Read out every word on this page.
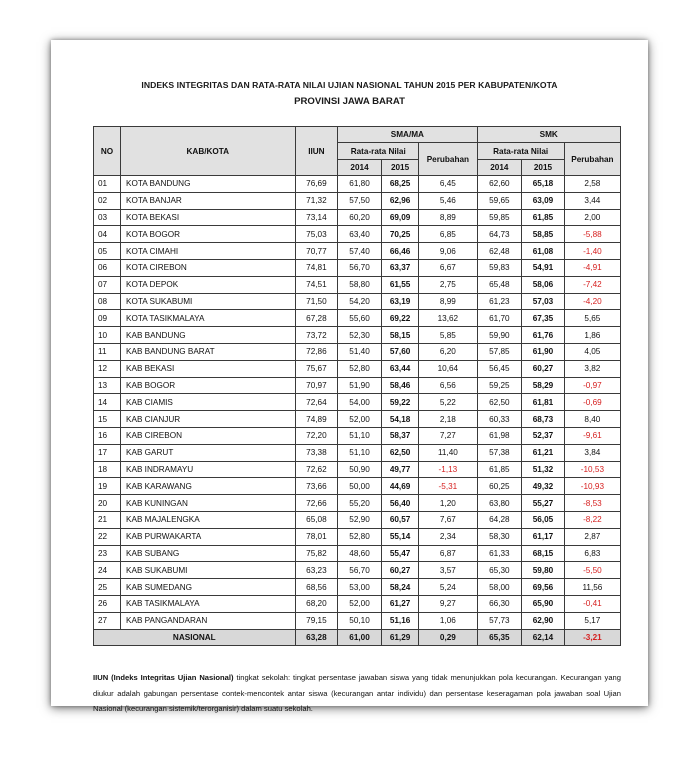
INDEKS INTEGRITAS DAN RATA-RATA NILAI UJIAN NASIONAL TAHUN 2015 PER KABUPATEN/KOTA
PROVINSI JAWA BARAT
NO	KAB/KOTA	IIUN	SMA/MA			SMK		
			Rata-rata Nilai		Perubahan	Rata-rata Nilai		Perubahan
			2014	2015		2014	2015	
01	KOTA BANDUNG	76,69	61,80	68,25	6,45	62,60	65,18	2,58
02	KOTA BANJAR	71,32	57,50	62,96	5,46	59,65	63,09	3,44
03	KOTA BEKASI	73,14	60,20	69,09	8,89	59,85	61,85	2,00
04	KOTA BOGOR	75,03	63,40	70,25	6,85	64,73	58,85	-5,88
05	KOTA CIMAHI	70,77	57,40	66,46	9,06	62,48	61,08	-1,40
06	KOTA CIREBON	74,81	56,70	63,37	6,67	59,83	54,91	-4,91
07	KOTA DEPOK	74,51	58,80	61,55	2,75	65,48	58,06	-7,42
08	KOTA SUKABUMI	71,50	54,20	63,19	8,99	61,23	57,03	-4,20
09	KOTA TASIKMALAYA	67,28	55,60	69,22	13,62	61,70	67,35	5,65
10	KAB BANDUNG	73,72	52,30	58,15	5,85	59,90	61,76	1,86
11	KAB BANDUNG BARAT	72,86	51,40	57,60	6,20	57,85	61,90	4,05
12	KAB BEKASI	75,67	52,80	63,44	10,64	56,45	60,27	3,82
13	KAB BOGOR	70,97	51,90	58,46	6,56	59,25	58,29	-0,97
14	KAB CIAMIS	72,64	54,00	59,22	5,22	62,50	61,81	-0,69
15	KAB CIANJUR	74,89	52,00	54,18	2,18	60,33	68,73	8,40
16	KAB CIREBON	72,20	51,10	58,37	7,27	61,98	52,37	-9,61
17	KAB GARUT	73,38	51,10	62,50	11,40	57,38	61,21	3,84
18	KAB INDRAMAYU	72,62	50,90	49,77	-1,13	61,85	51,32	-10,53
19	KAB KARAWANG	73,66	50,00	44,69	-5,31	60,25	49,32	-10,93
20	KAB KUNINGAN	72,66	55,20	56,40	1,20	63,80	55,27	-8,53
21	KAB MAJALENGKA	65,08	52,90	60,57	7,67	64,28	56,05	-8,22
22	KAB PURWAKARTA	78,01	52,80	55,14	2,34	58,30	61,17	2,87
23	KAB SUBANG	75,82	48,60	55,47	6,87	61,33	68,15	6,83
24	KAB SUKABUMI	63,23	56,70	60,27	3,57	65,30	59,80	-5,50
25	KAB SUMEDANG	68,56	53,00	58,24	5,24	58,00	69,56	11,56
26	KAB TASIKMALAYA	68,20	52,00	61,27	9,27	66,30	65,90	-0,41
27	KAB PANGANDARAN	79,15	50,10	51,16	1,06	57,73	62,90	5,17
NASIONAL		63,28	61,00	61,29	0,29	65,35	62,14	-3,21
IIUN (Indeks Integritas Ujian Nasional) tingkat sekolah: tingkat persentase jawaban siswa yang tidak menunjukkan pola kecurangan. Kecurangan yang diukur adalah gabungan persentase contek-mencontek antar siswa (kecurangan antar individu) dan persentase keseragaman pola jawaban soal Ujian Nasional (kecurangan sistemik/terorganisir) dalam suatu sekolah.
